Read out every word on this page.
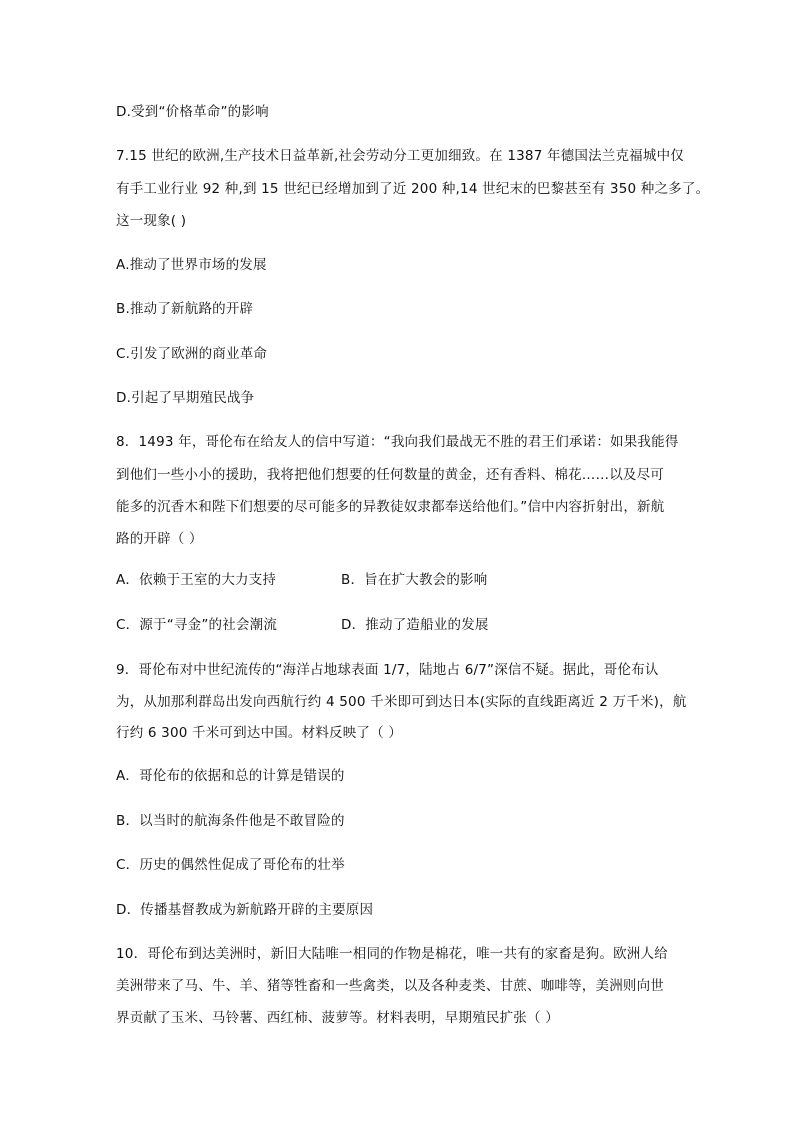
D.受到“价格革命”的影响
7.15 世纪的欧洲,生产技术日益革新,社会劳动分工更加细致。在 1387 年德国法兰克福城中仅
有手工业行业 92 种,到 15 世纪已经增加到了近 200 种,14 世纪末的巴黎甚至有 350 种之多了。
这一现象( )
A.推动了世界市场的发展
B.推动了新航路的开辟
C.引发了欧洲的商业革命
D.引起了早期殖民战争
8．1493 年，哥伦布在给友人的信中写道：“我向我们最战无不胜的君王们承诺：如果我能得
到他们一些小小的援助，我将把他们想要的任何数量的黄金，还有香料、棉花……以及尽可
能多的沉香木和陛下们想要的尽可能多的异教徒奴隶都奉送给他们。”信中内容折射出，新航
路的开辟（ ）
A．依赖于王室的大力支持	B．旨在扩大教会的影响
C．源于“寻金”的社会潮流	D．推动了造船业的发展
9．哥伦布对中世纪流传的“海洋占地球表面 1/7，陆地占 6/7”深信不疑。据此，哥伦布认
为，从加那利群岛出发向西航行约 4 500 千米即可到达日本(实际的直线距离近 2 万千米)，航
行约 6 300 千米可到达中国。材料反映了（ ）
A．哥伦布的依据和总的计算是错误的
B．以当时的航海条件他是不敢冒险的
C．历史的偶然性促成了哥伦布的壮举
D．传播基督教成为新航路开辟的主要原因
10．哥伦布到达美洲时，新旧大陆唯一相同的作物是棉花，唯一共有的家畜是狗。欧洲人给
美洲带来了马、牛、羊、猪等牲畜和一些禽类，以及各种麦类、甘蔗、咖啡等，美洲则向世
界贡献了玉米、马铃薯、西红柿、菠萝等。材料表明，早期殖民扩张（ ）
